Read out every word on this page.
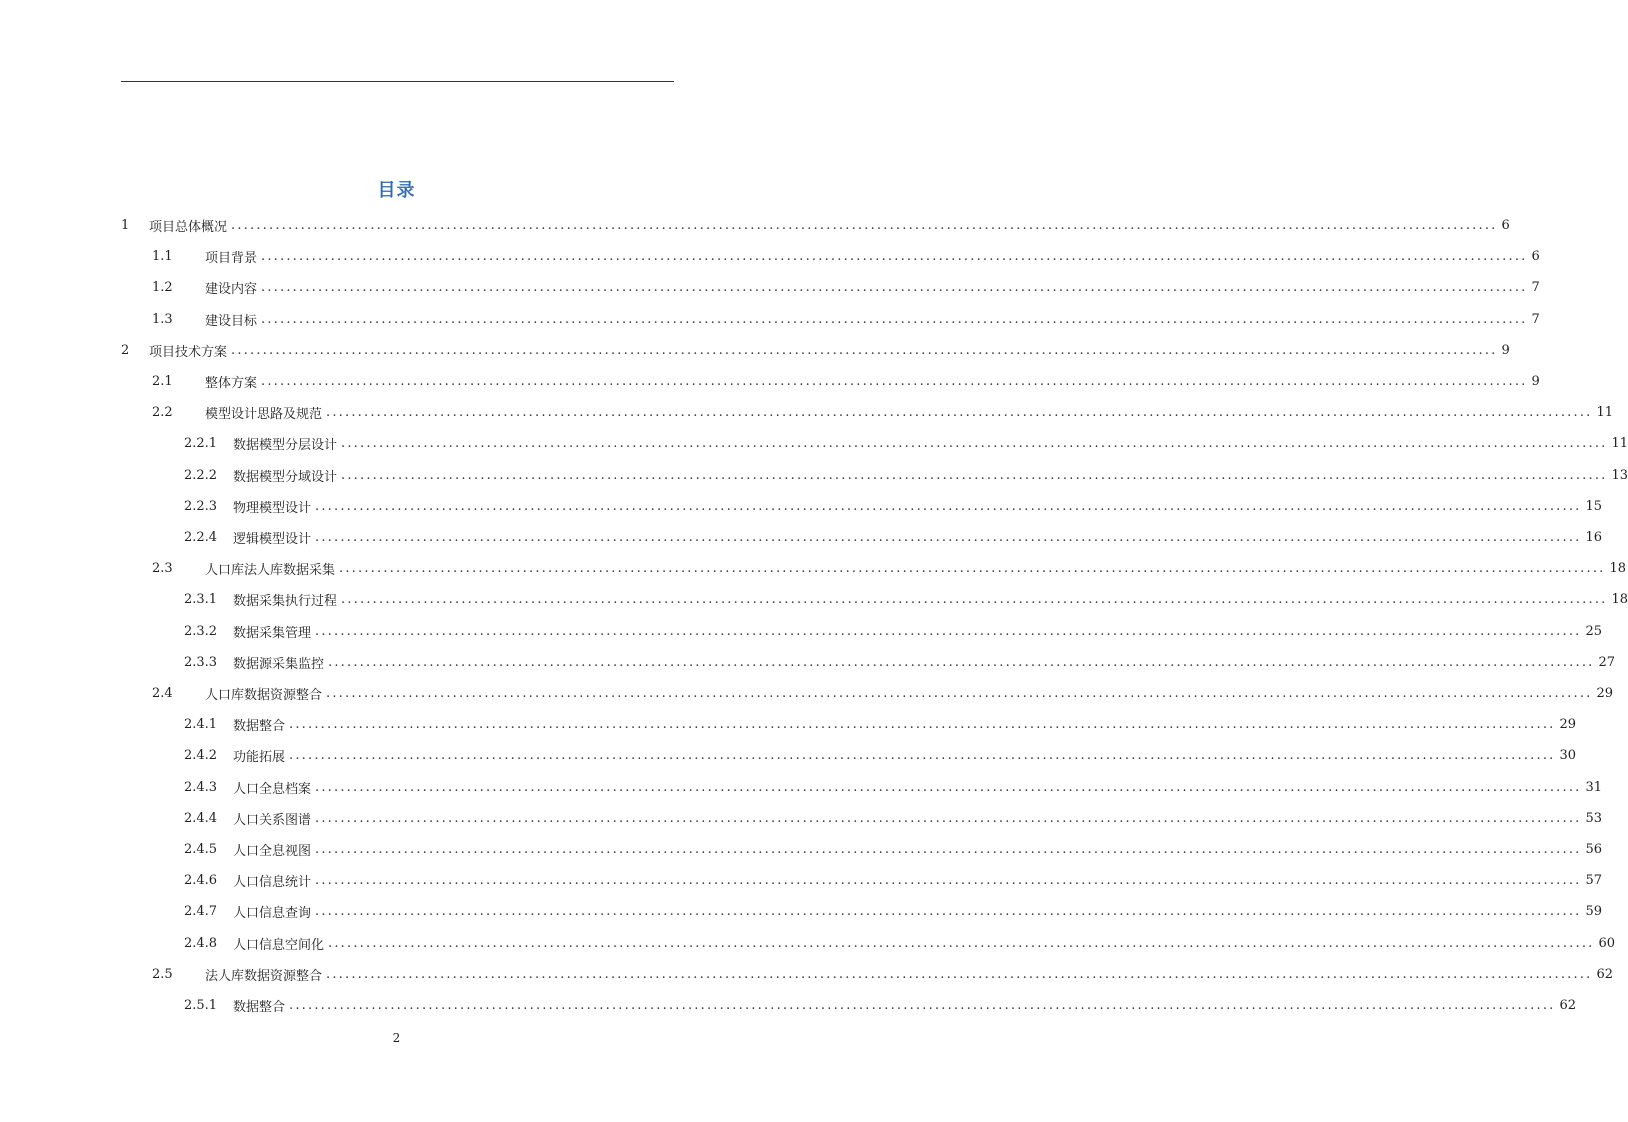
目录
1	项目总体概况 ........................................................................................................................................................................................................ 6
1.1	项目背景 ........................................................................................................................................................................................................ 6
1.2	建设内容 ........................................................................................................................................................................................................ 7
1.3	建设目标 ........................................................................................................................................................................................................ 7
2	项目技术方案 ........................................................................................................................................................................................................ 9
2.1	整体方案 ........................................................................................................................................................................................................ 9
2.2	模型设计思路及规范 ........................................................................................................................................................................................................ 11
2.2.1	数据模型分层设计 ........................................................................................................................................................................................................ 11
2.2.2	数据模型分域设计 ........................................................................................................................................................................................................ 13
2.2.3	物理模型设计 ........................................................................................................................................................................................................ 15
2.2.4	逻辑模型设计 ........................................................................................................................................................................................................ 16
2.3	人口库法人库数据采集 ........................................................................................................................................................................................................ 18
2.3.1	数据采集执行过程 ........................................................................................................................................................................................................ 18
2.3.2	数据采集管理 ........................................................................................................................................................................................................ 25
2.3.3	数据源采集监控 ........................................................................................................................................................................................................ 27
2.4	人口库数据资源整合 ........................................................................................................................................................................................................ 29
2.4.1	数据整合 ........................................................................................................................................................................................................ 29
2.4.2	功能拓展 ........................................................................................................................................................................................................ 30
2.4.3	人口全息档案 ........................................................................................................................................................................................................ 31
2.4.4	人口关系图谱 ........................................................................................................................................................................................................ 53
2.4.5	人口全息视图 ........................................................................................................................................................................................................ 56
2.4.6	人口信息统计 ........................................................................................................................................................................................................ 57
2.4.7	人口信息查询 ........................................................................................................................................................................................................ 59
2.4.8	人口信息空间化 ........................................................................................................................................................................................................ 60
2.5	法人库数据资源整合 ........................................................................................................................................................................................................ 62
2.5.1	数据整合 ........................................................................................................................................................................................................ 62
2
